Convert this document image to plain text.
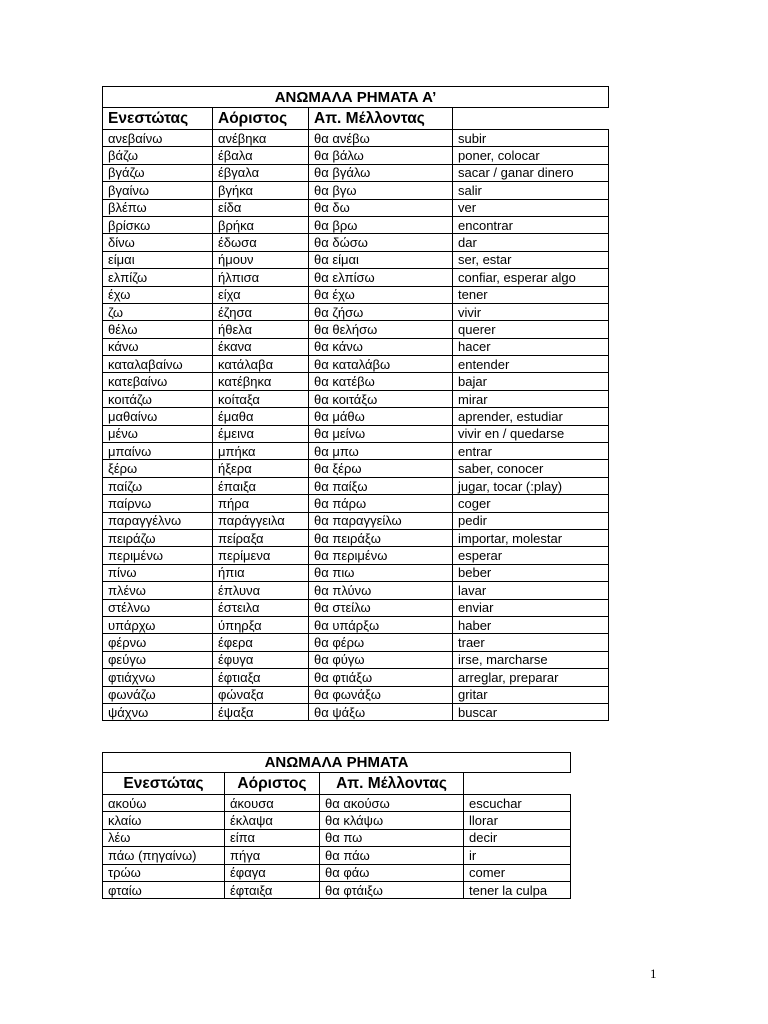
ΑΝΩΜΑΛΑ ΡΗΜΑΤΑ Α’			
Ενεστώτας	Αόριστος	Απ. Μέλλοντας	
ανεβαίνω	ανέβηκα	θα ανέβω	subir
βάζω	έβαλα	θα βάλω	poner, colocar
βγάζω	έβγαλα	θα βγάλω	sacar / ganar dinero
βγαίνω	βγήκα	θα βγω	salir
βλέπω	είδα	θα δω	ver
βρίσκω	βρήκα	θα βρω	encontrar
δίνω	έδωσα	θα δώσω	dar
είμαι	ήμουν	θα είμαι	ser, estar
ελπίζω	ήλπισα	θα ελπίσω	confiar, esperar algo
έχω	είχα	θα έχω	tener
ζω	έζησα	θα ζήσω	vivir
θέλω	ήθελα	θα θελήσω	querer
κάνω	έκανα	θα κάνω	hacer
καταλαβαίνω	κατάλαβα	θα καταλάβω	entender
κατεβαίνω	κατέβηκα	θα κατέβω	bajar
κοιτάζω	κοίταξα	θα κοιτάξω	mirar
μαθαίνω	έμαθα	θα μάθω	aprender, estudiar
μένω	έμεινα	θα μείνω	vivir en / quedarse
μπαίνω	μπήκα	θα μπω	entrar
ξέρω	ήξερα	θα ξέρω	saber, conocer
παίζω	έπαιξα	θα παίξω	jugar, tocar (:play)
παίρνω	πήρα	θα πάρω	coger
παραγγέλνω	παράγγειλα	θα παραγγείλω	pedir
πειράζω	πείραξα	θα πειράξω	importar, molestar
περιμένω	περίμενα	θα περιμένω	esperar
πίνω	ήπια	θα πιω	beber
πλένω	έπλυνα	θα πλύνω	lavar
στέλνω	έστειλα	θα στείλω	enviar
υπάρχω	ύπηρξα	θα υπάρξω	haber
φέρνω	έφερα	θα φέρω	traer
φεύγω	έφυγα	θα φύγω	irse, marcharse
φτιάχνω	έφτιαξα	θα φτιάξω	arreglar, preparar
φωνάζω	φώναξα	θα φωνάξω	gritar
ψάχνω	έψαξα	θα ψάξω	buscar
ΑΝΩΜΑΛΑ ΡΗΜΑΤΑ			
Ενεστώτας	Αόριστος	Απ. Μέλλοντας	
ακούω	άκουσα	θα ακούσω	escuchar
κλαίω	έκλαψα	θα κλάψω	llorar
λέω	είπα	θα πω	decir
πάω (πηγαίνω)	πήγα	θα πάω	ir
τρώω	έφαγα	θα φάω	comer
φταίω	έφταιξα	θα φτάιξω	tener la culpa
1
